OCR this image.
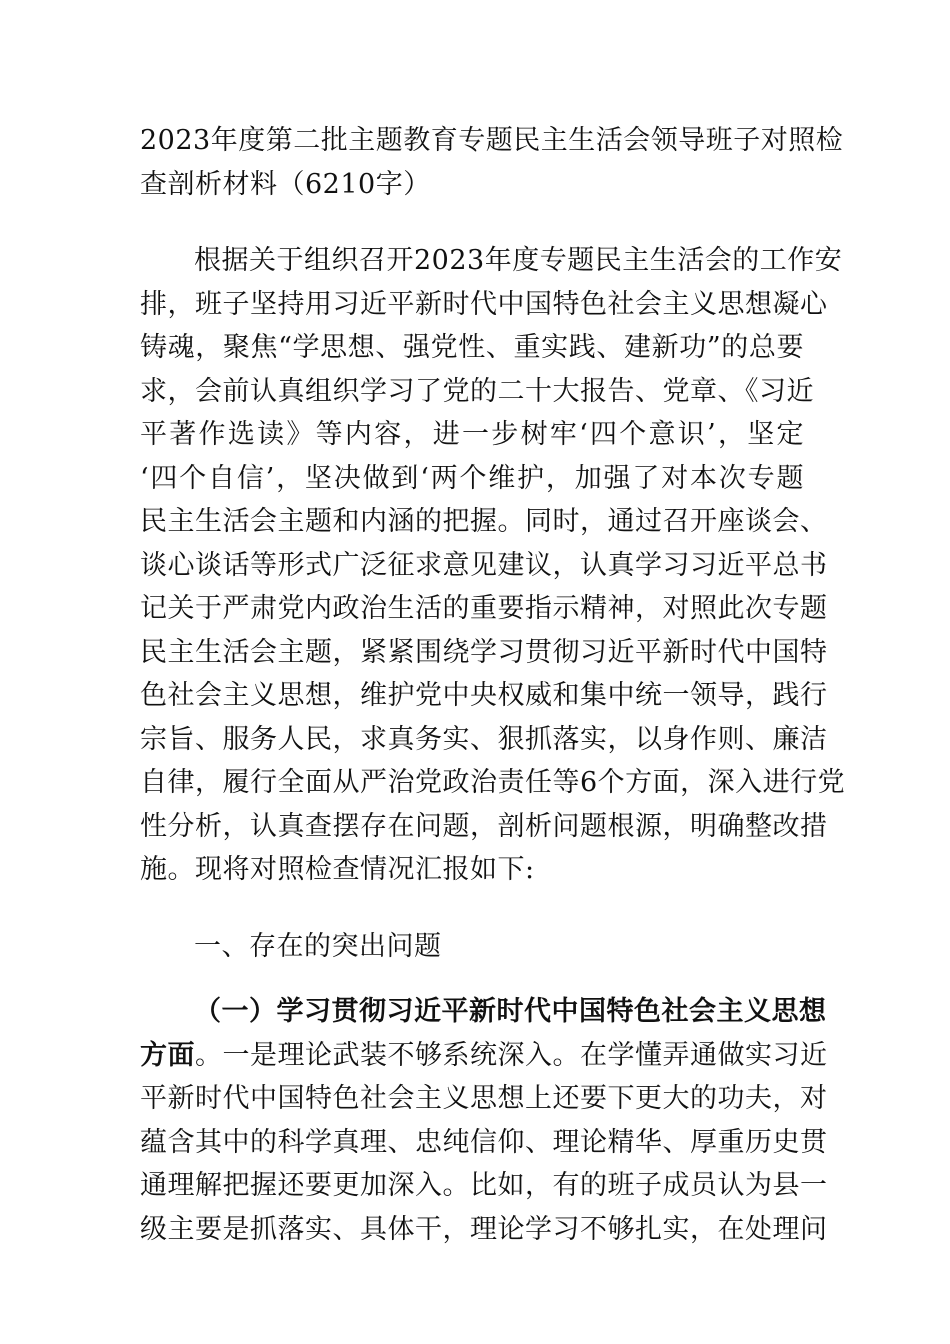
2023年度第二批主题教育专题民主生活会领导班子对照检
查剖析材料（6210字）
根据关于组织召开2023年度专题民主生活会的工作安
排，班子坚持用习近平新时代中国特色社会主义思想凝心
铸魂，聚焦“学思想、强党性、重实践、建新功”的总要
求，会前认真组织学习了党的二十大报告、党章、《习近
平著作选读》等内容，进一步树牢‘四个意识’，坚定
‘四个自信’，坚决做到‘两个维护，加强了对本次专题
民主生活会主题和内涵的把握。同时，通过召开座谈会、
谈心谈话等形式广泛征求意见建议，认真学习习近平总书
记关于严肃党内政治生活的重要指示精神，对照此次专题
民主生活会主题，紧紧围绕学习贯彻习近平新时代中国特
色社会主义思想，维护党中央权威和集中统一领导，践行
宗旨、服务人民，求真务实、狠抓落实，以身作则、廉洁
自律，履行全面从严治党政治责任等6个方面，深入进行党
性分析，认真查摆存在问题，剖析问题根源，明确整改措
施。现将对照检查情况汇报如下:
一、存在的突出问题
（一）学习贯彻习近平新时代中国特色社会主义思想
方面。一是理论武装不够系统深入。在学懂弄通做实习近
平新时代中国特色社会主义思想上还要下更大的功夫，对
蕴含其中的科学真理、忠纯信仰、理论精华、厚重历史贯
通理解把握还要更加深入。比如，有的班子成员认为县一
级主要是抓落实、具体干，理论学习不够扎实，在处理问
